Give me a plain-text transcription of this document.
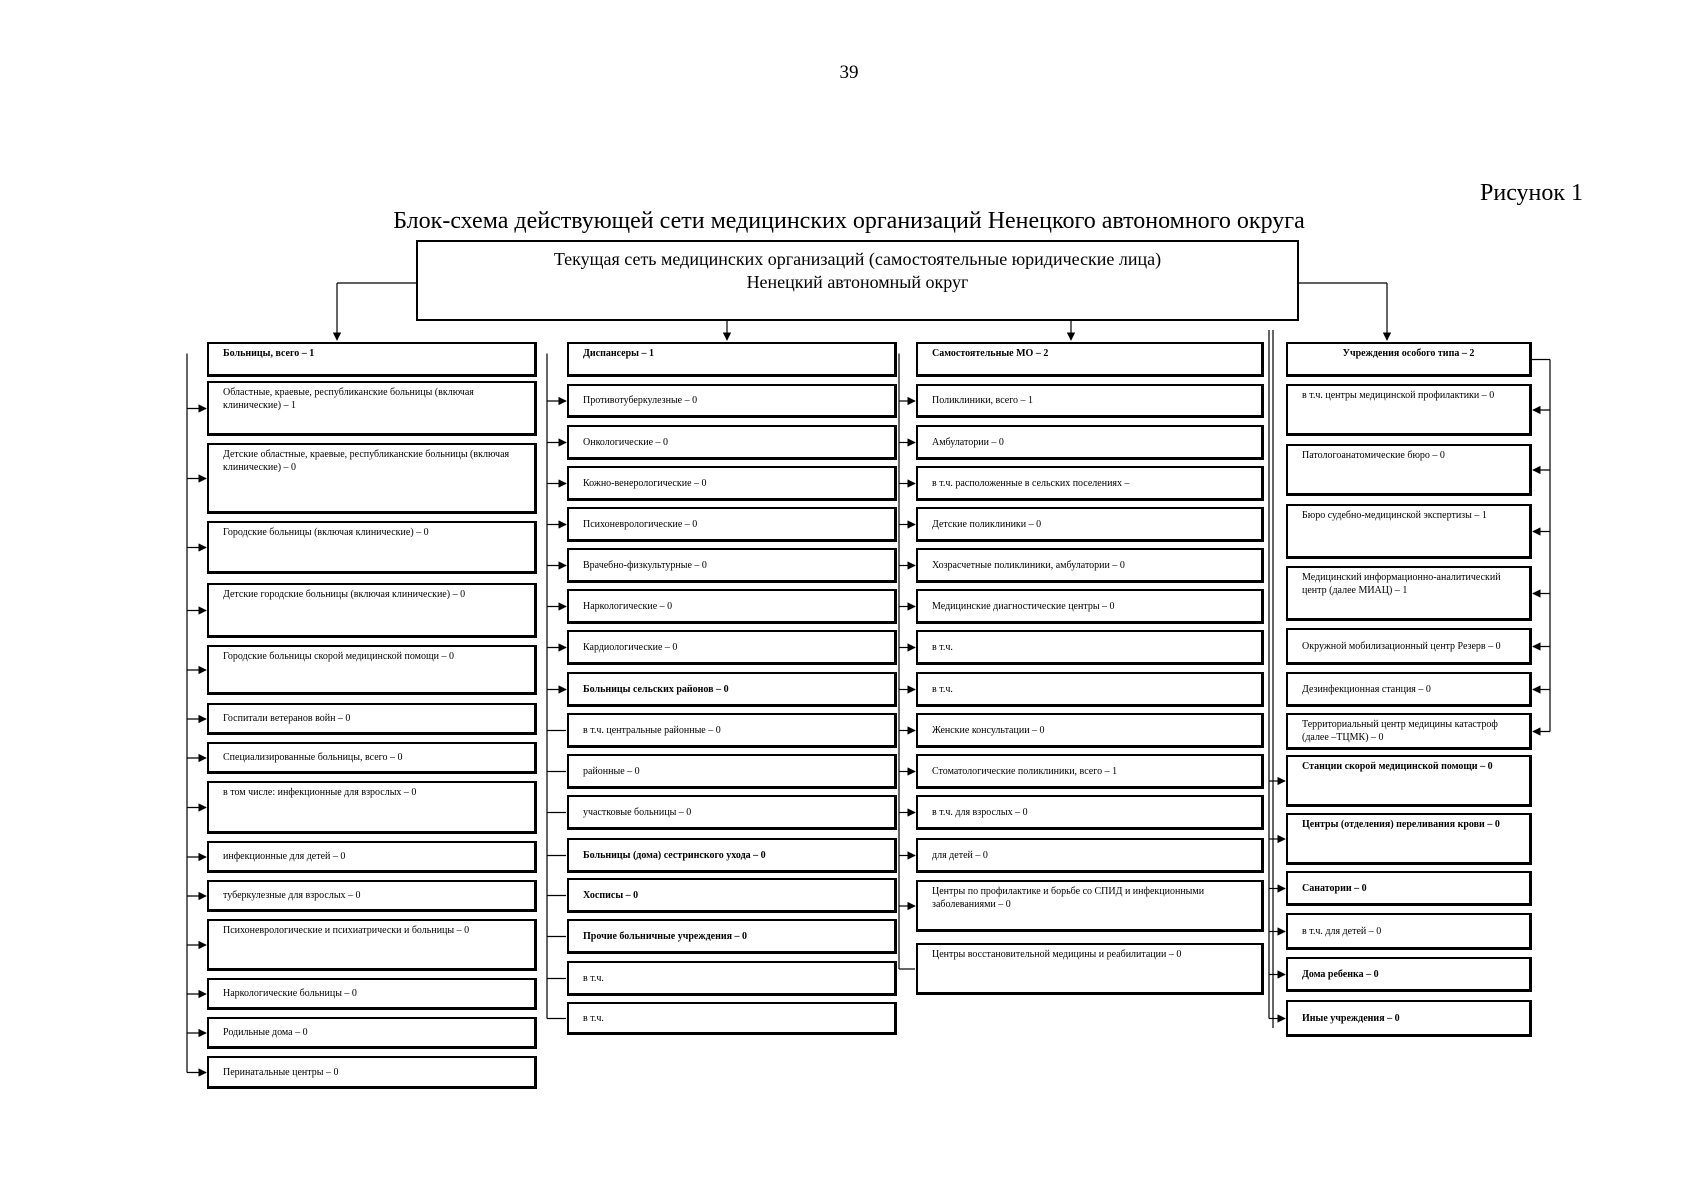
39
Рисунок 1
Блок-схема действующей сети медицинских организаций Ненецкого автономного округа
Текущая сеть медицинских организаций (самостоятельные юридические лица)
Ненецкий автономный округ
Больницы, всего – 1
Областные, краевые, республиканские больницы (включая клинические) – 1
Детские областные, краевые, республиканские больницы (включая клинические) – 0
Городские больницы (включая клинические) – 0
Детские городские больницы (включая клинические) – 0
Городские больницы скорой медицинской помощи – 0
Госпитали ветеранов войн – 0
Специализированные больницы, всего – 0
в том числе: инфекционные для взрослых – 0
инфекционные для детей – 0
туберкулезные для взрослых – 0
Психоневрологические и психиатрически и больницы – 0
Наркологические больницы – 0
Родильные дома – 0
Перинатальные центры – 0
Диспансеры – 1
Противотуберкулезные – 0
Онкологические – 0
Кожно-венерологические – 0
Психоневрологические – 0
Врачебно-физкультурные – 0
Наркологические – 0
Кардиологические – 0
Больницы сельских районов – 0
в т.ч. центральные районные – 0
районные – 0
участковые больницы – 0
Больницы (дома) сестринского ухода – 0
Хосписы – 0
Прочие больничные учреждения – 0
в т.ч.
в т.ч.
Самостоятельные МО – 2
Поликлиники, всего – 1
Амбулатории – 0
в т.ч. расположенные в сельских поселениях –
Детские поликлиники – 0
Хозрасчетные поликлиники, амбулатории – 0
Медицинские диагностические центры – 0
в т.ч.
в т.ч.
Женские консультации – 0
Стоматологические поликлиники, всего – 1
в т.ч. для взрослых – 0
для детей – 0
Центры по профилактике и борьбе со СПИД и инфекционными заболеваниями – 0
Центры восстановительной медицины и реабилитации – 0
Учреждения особого типа – 2
в т.ч. центры медицинской профилактики – 0
Патологоанатомические бюро – 0
Бюро судебно-медицинской экспертизы – 1
Медицинский информационно-аналитический центр (далее МИАЦ) – 1
Окружной мобилизационный центр Резерв – 0
Дезинфекционная станция – 0
Территориальный центр медицины катастроф (далее –ТЦМК) – 0
Станции скорой медицинской помощи – 0
Центры (отделения) переливания крови – 0
Санатории – 0
в т.ч. для детей – 0
Дома ребенка – 0
Иные учреждения – 0
